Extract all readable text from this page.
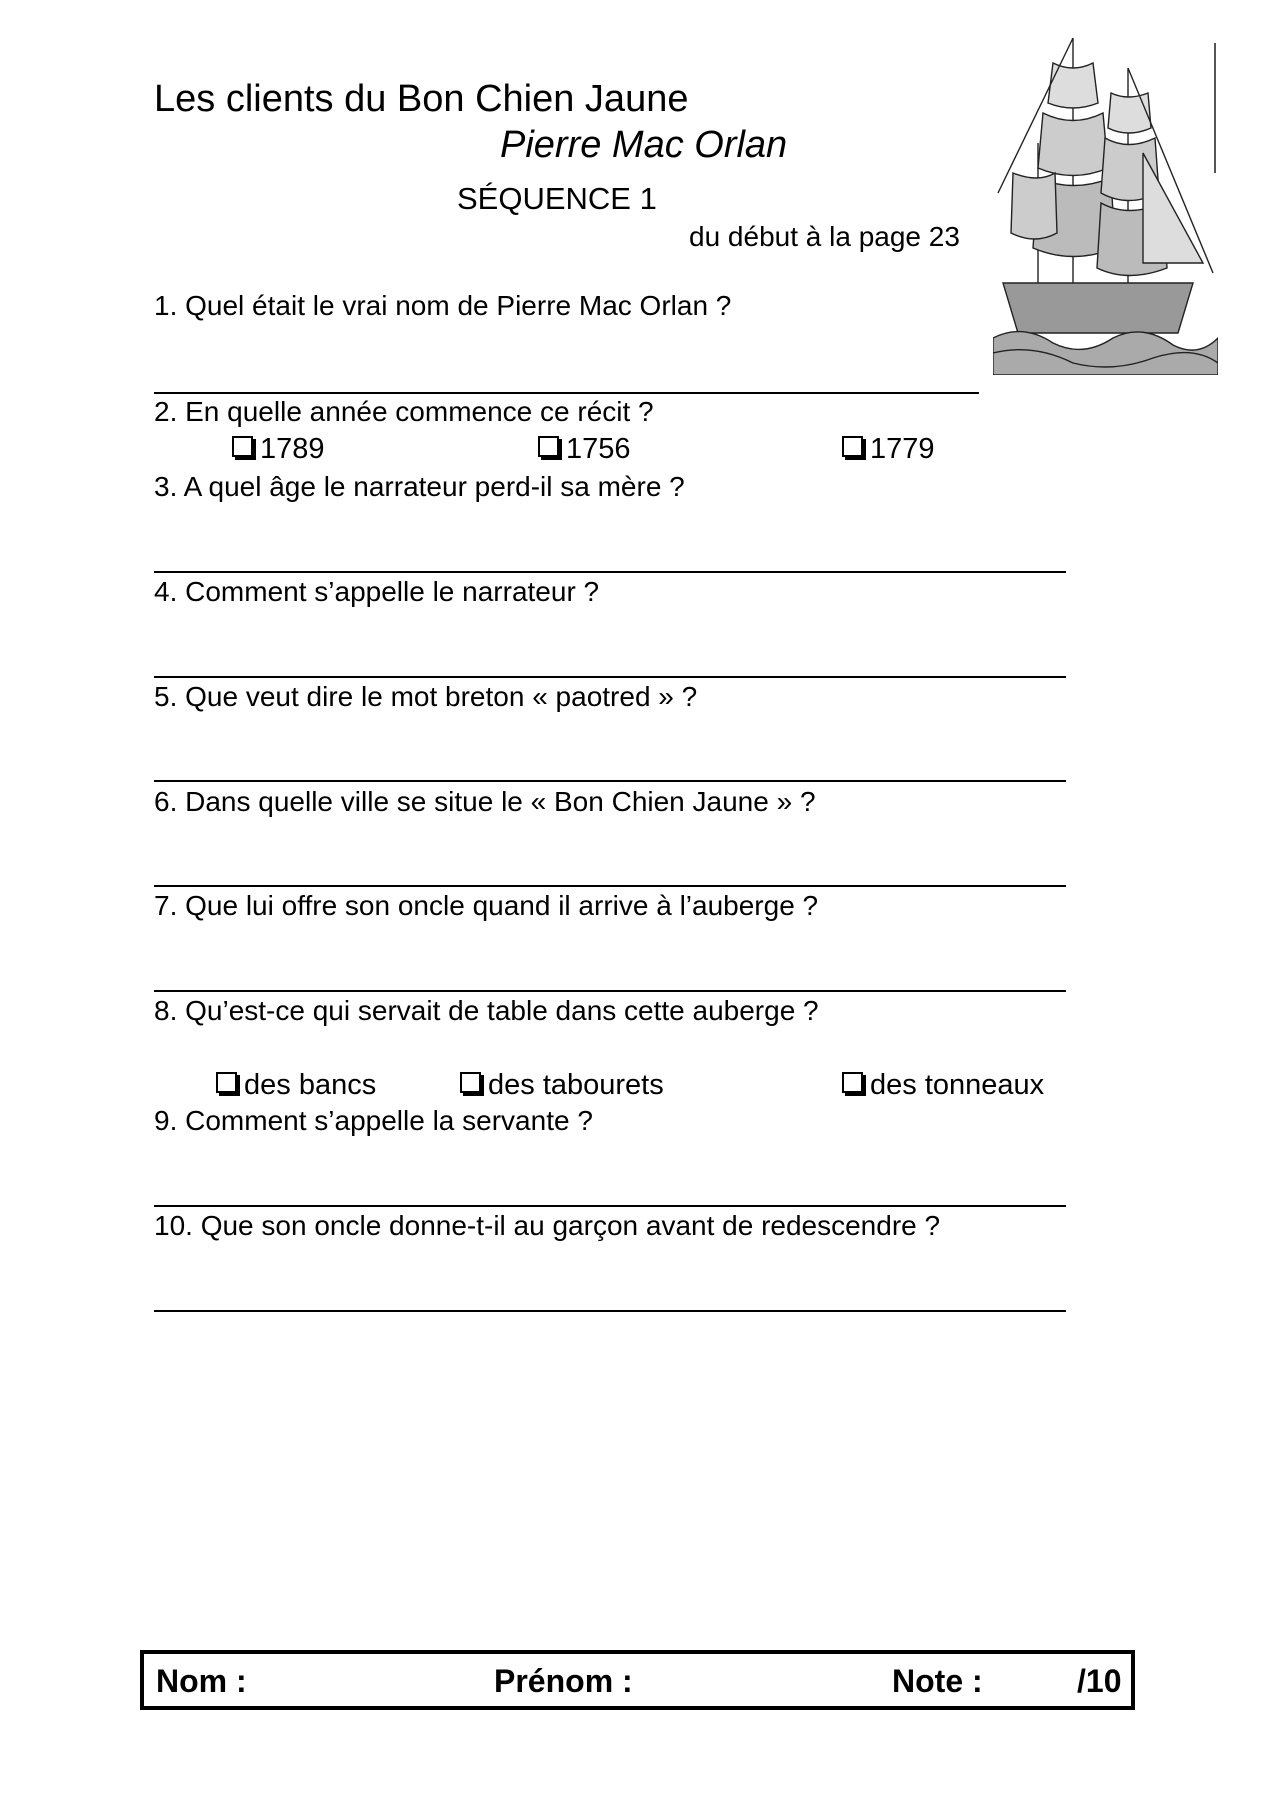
Les clients du Bon Chien Jaune
Pierre Mac Orlan
SÉQUENCE 1
du début à la page 23
1. Quel était le vrai nom de Pierre Mac Orlan ?
2. En quelle année commence ce récit ?
1789	1756	1779
3. A quel âge le narrateur perd-il sa mère ?
4. Comment s’appelle le narrateur ?
5. Que veut dire le mot breton « paotred » ?
6. Dans quelle ville se situe le « Bon Chien Jaune » ?
7. Que lui offre son oncle quand il arrive à l’auberge ?
8. Qu’est-ce qui servait de table dans cette auberge ?
des bancs	des tabourets	des tonneaux
9. Comment s’appelle la servante ?
10. Que son oncle donne-t-il au garçon avant de redescendre ?
Nom :	Prénom :	Note :	/10
